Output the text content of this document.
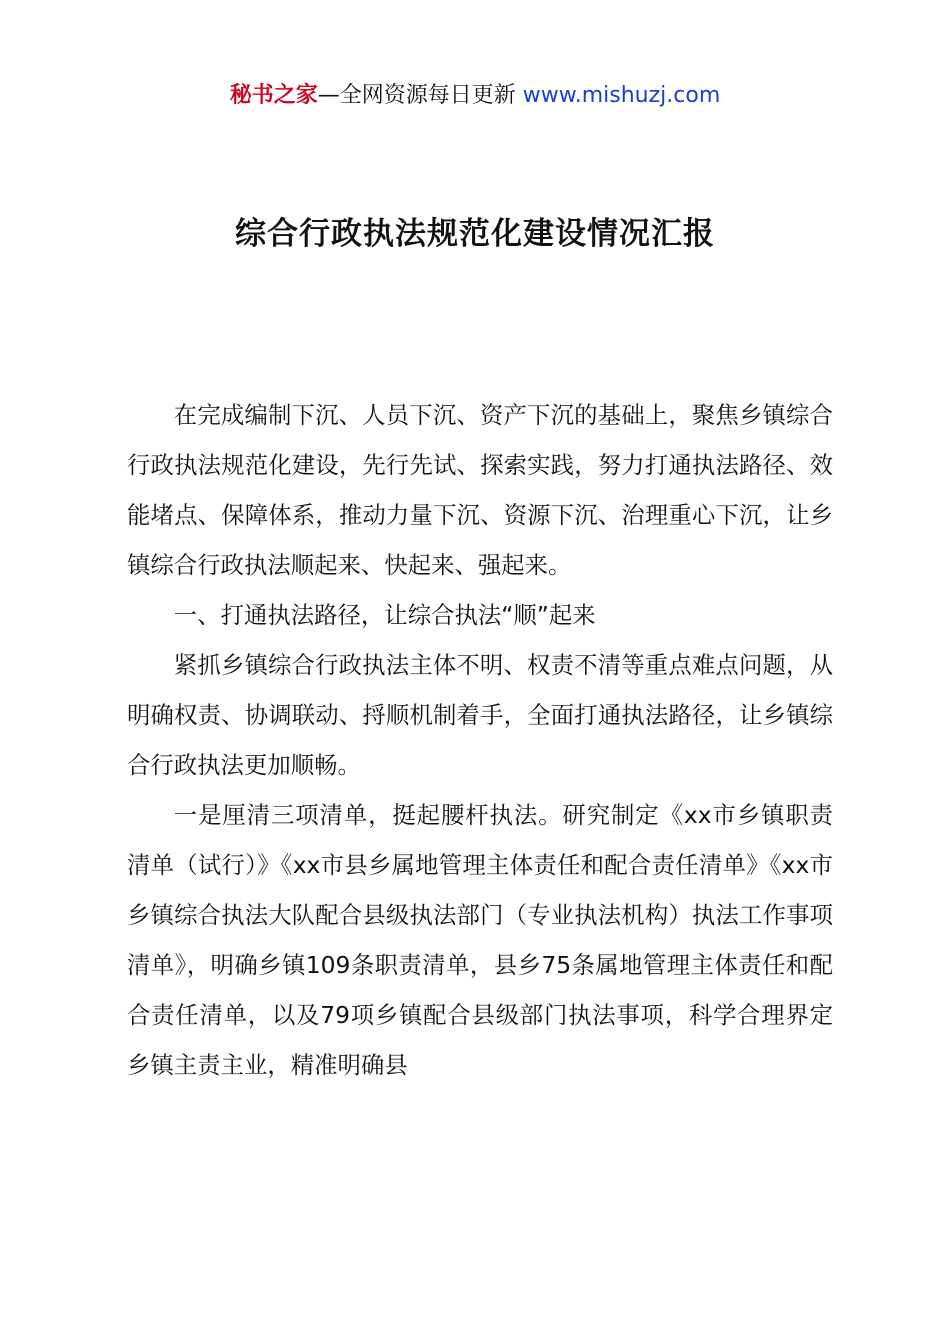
秘书之家—全网资源每日更新 www.mishuzj.com
综合行政执法规范化建设情况汇报

在完成编制下沉、人员下沉、资产下沉的基础上，聚焦乡镇综合行政执法规范化建设，先行先试、探索实践，努力打通执法路径、效能堵点、保障体系，推动力量下沉、资源下沉、治理重心下沉，让乡镇综合行政执法顺起来、快起来、强起来。

一、打通执法路径，让综合执法“顺”起来

紧抓乡镇综合行政执法主体不明、权责不清等重点难点问题，从明确权责、协调联动、捋顺机制着手，全面打通执法路径，让乡镇综合行政执法更加顺畅。

一是厘清三项清单，挺起腰杆执法。研究制定《xx市乡镇职责清单（试行）》《xx市县乡属地管理主体责任和配合责任清单》《xx市乡镇综合执法大队配合县级执法部门（专业执法机构）执法工作事项清单》，明确乡镇109条职责清单，县乡75条属地管理主体责任和配合责任清单，以及79项乡镇配合县级部门执法事项，科学合理界定乡镇主责主业，精准明确县
